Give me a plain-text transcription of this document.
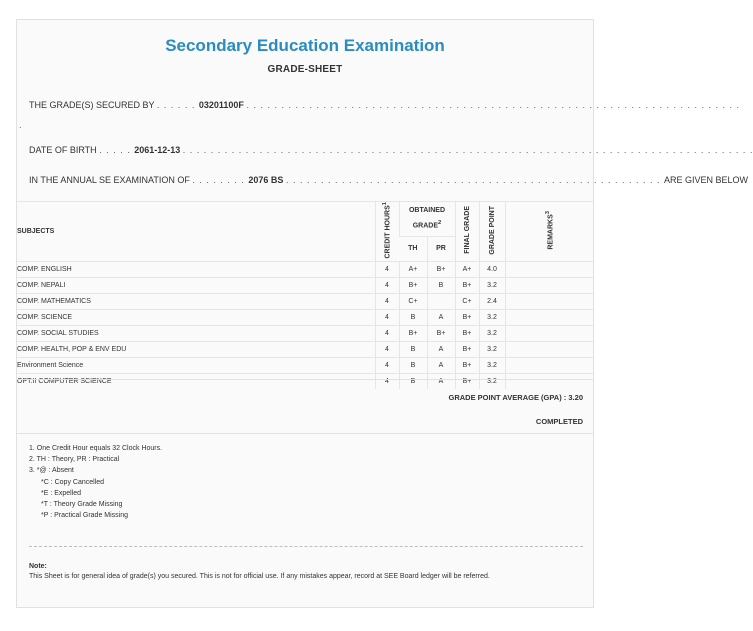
Secondary Education Examination
GRADE-SHEET
THE GRADE(S) SECURED BY . . . . . . 03201100F . . . . . . . . . . . . . . . . . . . . . . . . . . . . . . . . . . . . . . . . . . . . . . . . . . . . . . . . . . . . . . . . . . . . . . .
.
DATE OF BIRTH . . . . . 2061-12-13 . . . . . . . . . . . . . . . . . . . . . . . . . . . . . . . . . . . . . . . . . . . . . . . . . . . . . . . . . . . . . . . . . . . . . . . . . . . . . . . . . .
IN THE ANNUAL SE EXAMINATION OF . . . . . . . . 2076 BS . . . . . . . . . . . . . . . . . . . . . . . . . . . . . . . . . . . . . . . . . . . . . . . . . . . . . . ARE GIVEN BELOW
SUBJECTS	CREDIT HOURS$^1$	OBTAINED GRADE$^2$		FINAL GRADE	GRADE POINT	REMARKS$^3$
		TH	PR			
COMP. ENGLISH	4	A+	B+	A+	4.0	
COMP. NEPALI	4	B+	B	B+	3.2	
COMP. MATHEMATICS	4	C+		C+	2.4	
COMP. SCIENCE	4	B	A	B+	3.2	
COMP. SOCIAL STUDIES	4	B+	B+	B+	3.2	
COMP. HEALTH, POP & ENV EDU	4	B	A	B+	3.2	
Environment Science	4	B	A	B+	3.2	
OPT.II COMPUTER SCIENCE	4	B	A	B+	3.2	
GRADE POINT AVERAGE (GPA) : 3.20
COMPLETED
1. One Credit Hour equals 32 Clock Hours.
2. TH : Theory, PR : Practical
3. *@ : Absent
*C : Copy Cancelled
*E : Expelled
*T : Theory Grade Missing
*P : Practical Grade Missing
Note:
This Sheet is for general idea of grade(s) you secured. This is not for official use. If any mistakes appear, record at SEE Board ledger will be referred.
